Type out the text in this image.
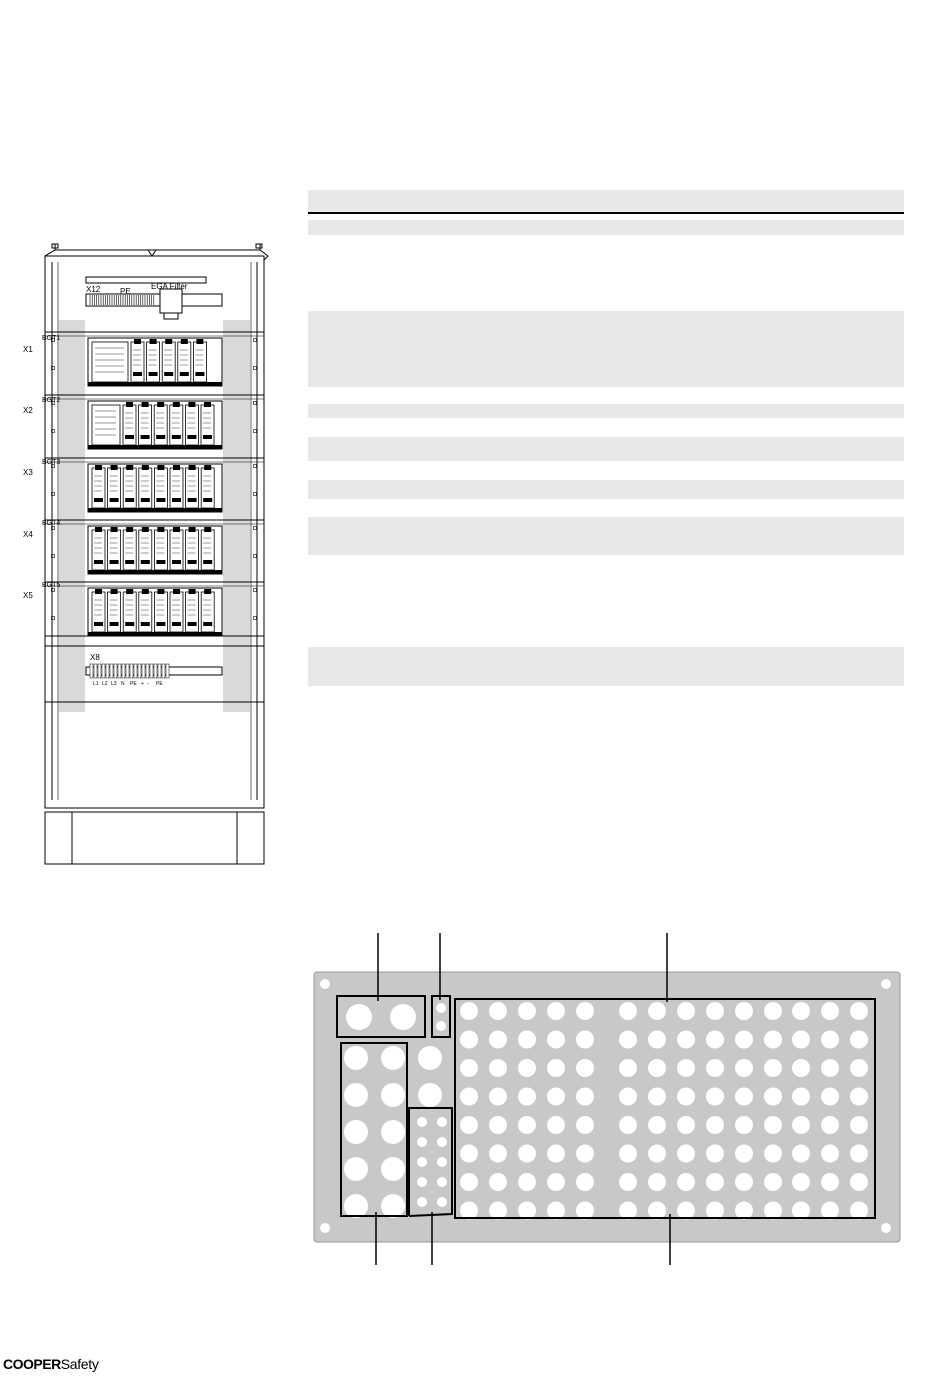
X12 PE
EGA Filter
X8
L1 L2 L3 N PE + - PE
X1
X2
X3
X4
X5
BGT1
BGT2
BGT3
BGT4
BGT5
COOPERSafety
